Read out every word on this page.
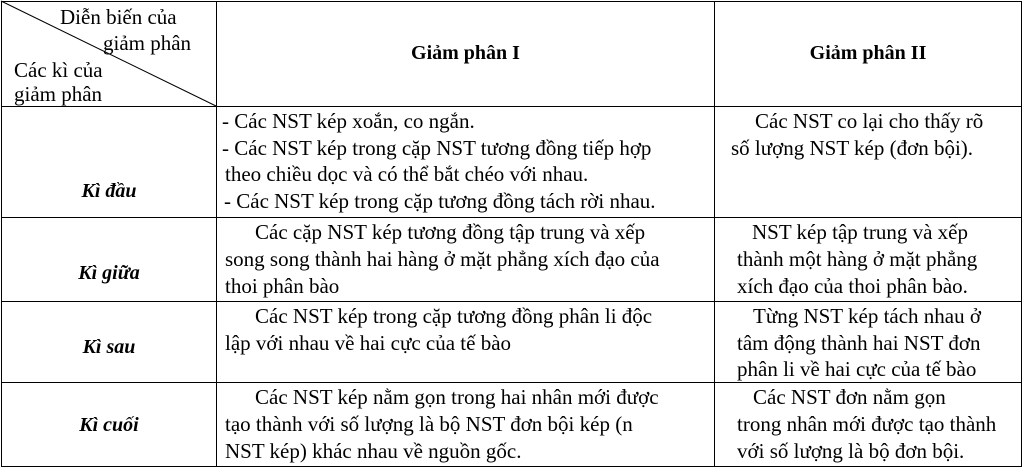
Diễn biến của
giảm phân
Các kì của
giảm phân
Giảm phân I	Giảm phân II
Kì đầu
- Các NST kép xoắn, co ngắn.
- Các NST kép trong cặp NST tương đồng tiếp hợp
theo chiều dọc và có thể bắt chéo với nhau.
- Các NST kép trong cặp tương đồng tách rời nhau.
Các NST co lại cho thấy rõ
số lượng NST kép (đơn bội).
Kì giữa
Các cặp NST kép tương đồng tập trung và xếp
song song thành hai hàng ở mặt phẳng xích đạo của
thoi phân bào
NST kép tập trung và xếp
thành một hàng ở mặt phẳng
xích đạo của thoi phân bào.
Kì sau
Các NST kép trong cặp tương đồng phân li độc
lập với nhau về hai cực của tế bào
Từng NST kép tách nhau ở
tâm động thành hai NST đơn
phân li về hai cực của tế bào
Kì cuối
Các NST kép nằm gọn trong hai nhân mới được
tạo thành với số lượng là bộ NST đơn bội kép (n
NST kép) khác nhau về nguồn gốc.
Các NST đơn nằm gọn
trong nhân mới được tạo thành
với số lượng là bộ đơn bội.
